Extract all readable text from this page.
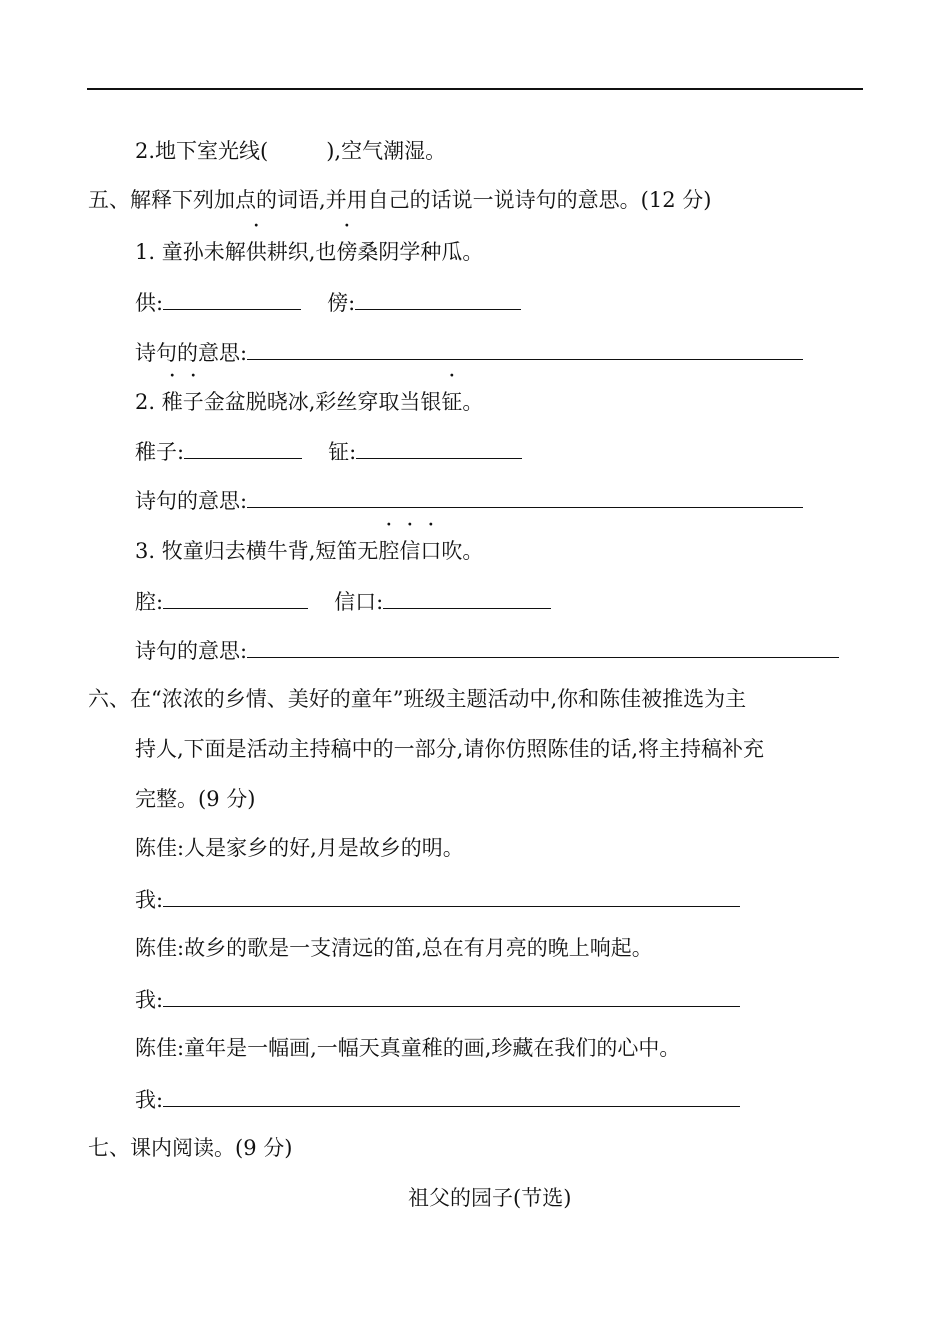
2.地下室光线(	),空气潮湿。
五、解释下列加点的词语,并用自己的话说一说诗句的意思。(12 分)
1. 童孙未解供耕织,也傍桑阴学种瓜。
供:	傍:
诗句的意思:
2. 稚子金盆脱晓冰,彩丝穿取当银钲。
稚子:	钲:
诗句的意思:
3. 牧童归去横牛背,短笛无腔信口吹。
腔:	信口:
诗句的意思:
六、在“浓浓的乡情、美好的童年”班级主题活动中,你和陈佳被推选为主
持人,下面是活动主持稿中的一部分,请你仿照陈佳的话,将主持稿补充
完整。(9 分)
陈佳:人是家乡的好,月是故乡的明。
我:
陈佳:故乡的歌是一支清远的笛,总在有月亮的晚上响起。
我:
陈佳:童年是一幅画,一幅天真童稚的画,珍藏在我们的心中。
我:
七、课内阅读。(9 分)
祖父的园子(节选)
